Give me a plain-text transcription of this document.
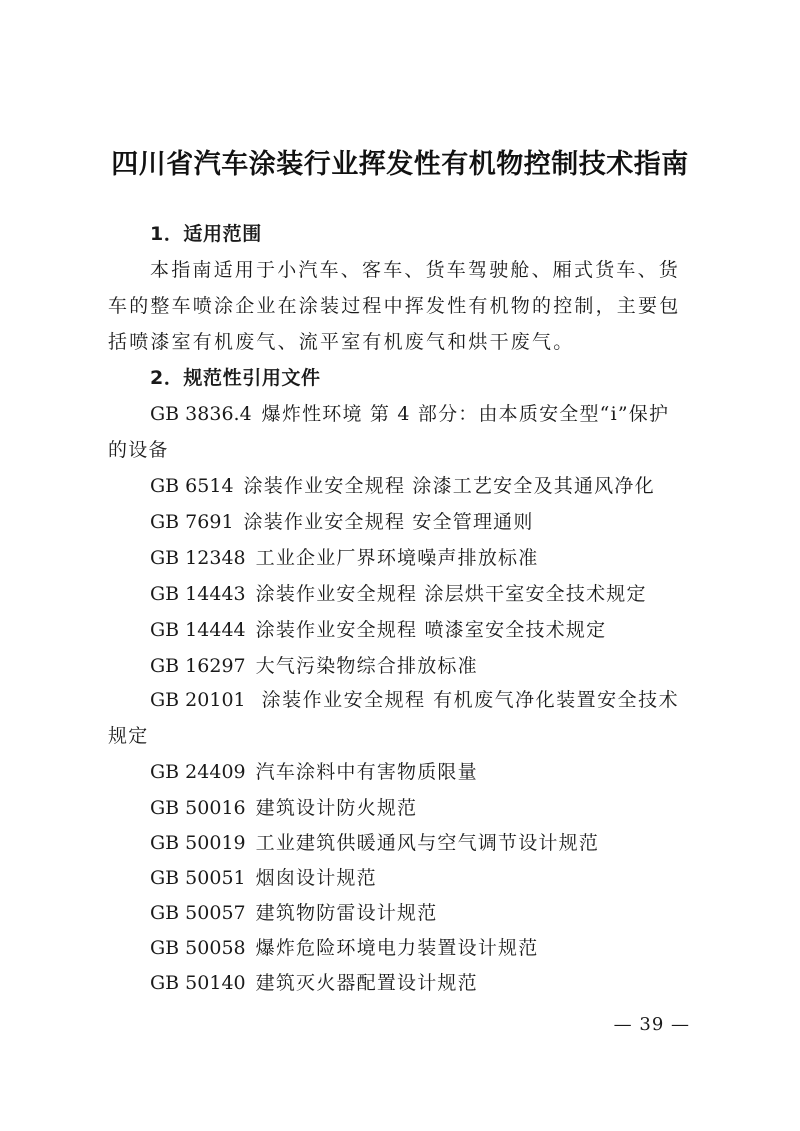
四川省汽车涂装行业挥发性有机物控制技术指南
1．适用范围
本指南适用于小汽车、客车、货车驾驶舱、厢式货车、货
车的整车喷涂企业在涂装过程中挥发性有机物的控制，主要包
括喷漆室有机废气、流平室有机废气和烘干废气。
2．规范性引用文件
GB 3836.4 爆炸性环境 第 4 部分：由本质安全型“i”保护
的设备
GB 6514 涂装作业安全规程 涂漆工艺安全及其通风净化
GB 7691 涂装作业安全规程 安全管理通则
GB 12348 工业企业厂界环境噪声排放标准
GB 14443 涂装作业安全规程 涂层烘干室安全技术规定
GB 14444 涂装作业安全规程 喷漆室安全技术规定
GB 16297 大气污染物综合排放标准
GB 20101 涂装作业安全规程 有机废气净化装置安全技术
规定
GB 24409 汽车涂料中有害物质限量
GB 50016 建筑设计防火规范
GB 50019 工业建筑供暖通风与空气调节设计规范
GB 50051 烟囱设计规范
GB 50057 建筑物防雷设计规范
GB 50058 爆炸危险环境电力装置设计规范
GB 50140 建筑灭火器配置设计规范
— 39 —
